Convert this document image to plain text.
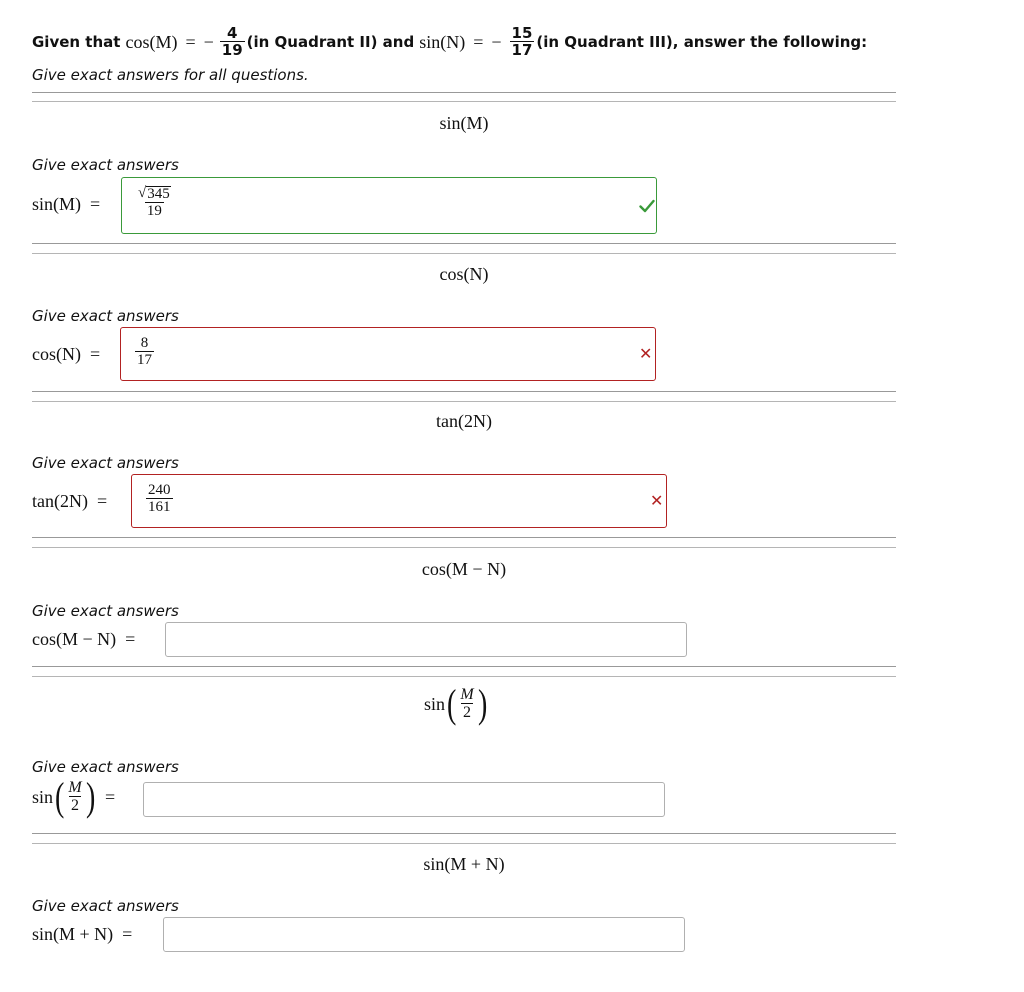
Given that cos(M) = − $\frac{4}{19} (in$ Quadrant II) and sin(N) = − $\frac{15}{17} (in$ Quadrant III), answer the following:
Give exact answers for all questions.
sin(M)
Give exact answers
$\sin(M) = \frac{√ 345}{19}$
cos(N)
Give exact answers
$\cos(N) = \frac{8}{17}$	✕
tan(2N)
Give exact answers
tan(2N)  =	$\frac{240}{161}$	✕
cos(M − N)
Give exact answers
cos(M − N)  =
sin ( $\frac{M}{2}$ )
Give exact answers
sin ( $\frac{M}{2}$ ) =
sin(M + N)
Give exact answers
sin(M + N)  =
